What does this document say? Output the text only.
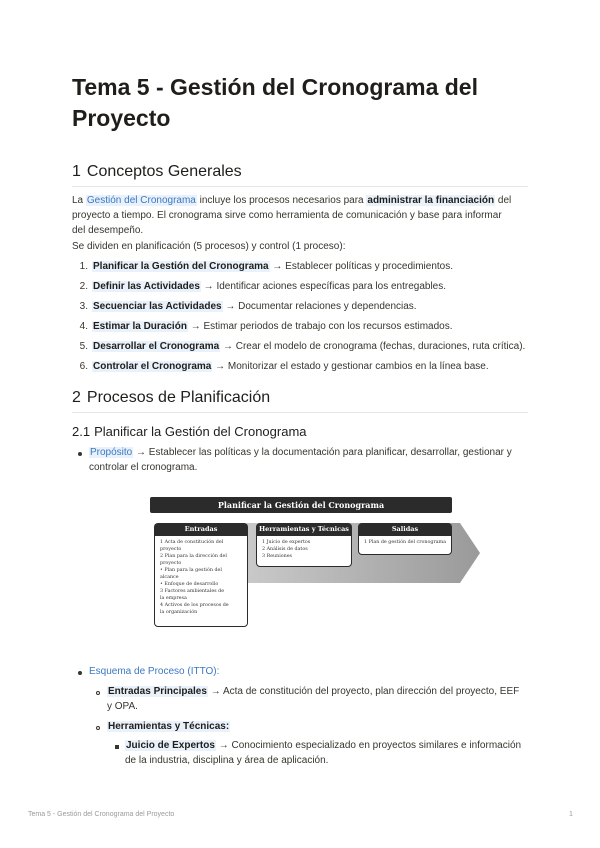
Tema 5 - Gestión del Cronograma del Proyecto
1 Conceptos Generales
La Gestión del Cronograma incluye los procesos necesarios para administrar la financiación del
proyecto a tiempo. El cronograma sirve como herramienta de comunicación y base para informar
del desempeño.
Se dividen en planificación (5 procesos) y control (1 proceso):
1. Planificar la Gestión del Cronograma → Establecer políticas y procedimientos.
2. Definir las Actividades → Identificar aciones específicas para los entregables.
3. Secuenciar las Actividades → Documentar relaciones y dependencias.
4. Estimar la Duración → Estimar periodos de trabajo con los recursos estimados.
5. Desarrollar el Cronograma → Crear el modelo de cronograma (fechas, duraciones, ruta crítica).
6. Controlar el Cronograma → Monitorizar el estado y gestionar cambios en la línea base.
2 Procesos de Planificación
2.1 Planificar la Gestión del Cronograma
Propósito → Establecer las políticas y la documentación para planificar, desarrollar, gestionar y
controlar el cronograma.
Planificar la Gestión del Cronograma
Entradas
1 Acta de constitución del
proyecto
2 Plan para la dirección del
proyecto
• Plan para la gestión del
alcance
• Enfoque de desarrollo
3 Factores ambientales de
la empresa
4 Activos de los procesos de
la organización
Herramientas y Técnicas
1 Juicio de expertos
2 Análisis de datos
3 Reuniones
Salidas
1 Plan de gestión del cronograma
Esquema de Proceso (ITTO):
Entradas Principales → Acta de constitución del proyecto, plan dirección del proyecto, EEF
y OPA.
Herramientas y Técnicas:
Juicio de Expertos → Conocimiento especializado en proyectos similares e información
de la industria, disciplina y área de aplicación.
Tema 5 - Gestión del Cronograma del Proyecto	1
